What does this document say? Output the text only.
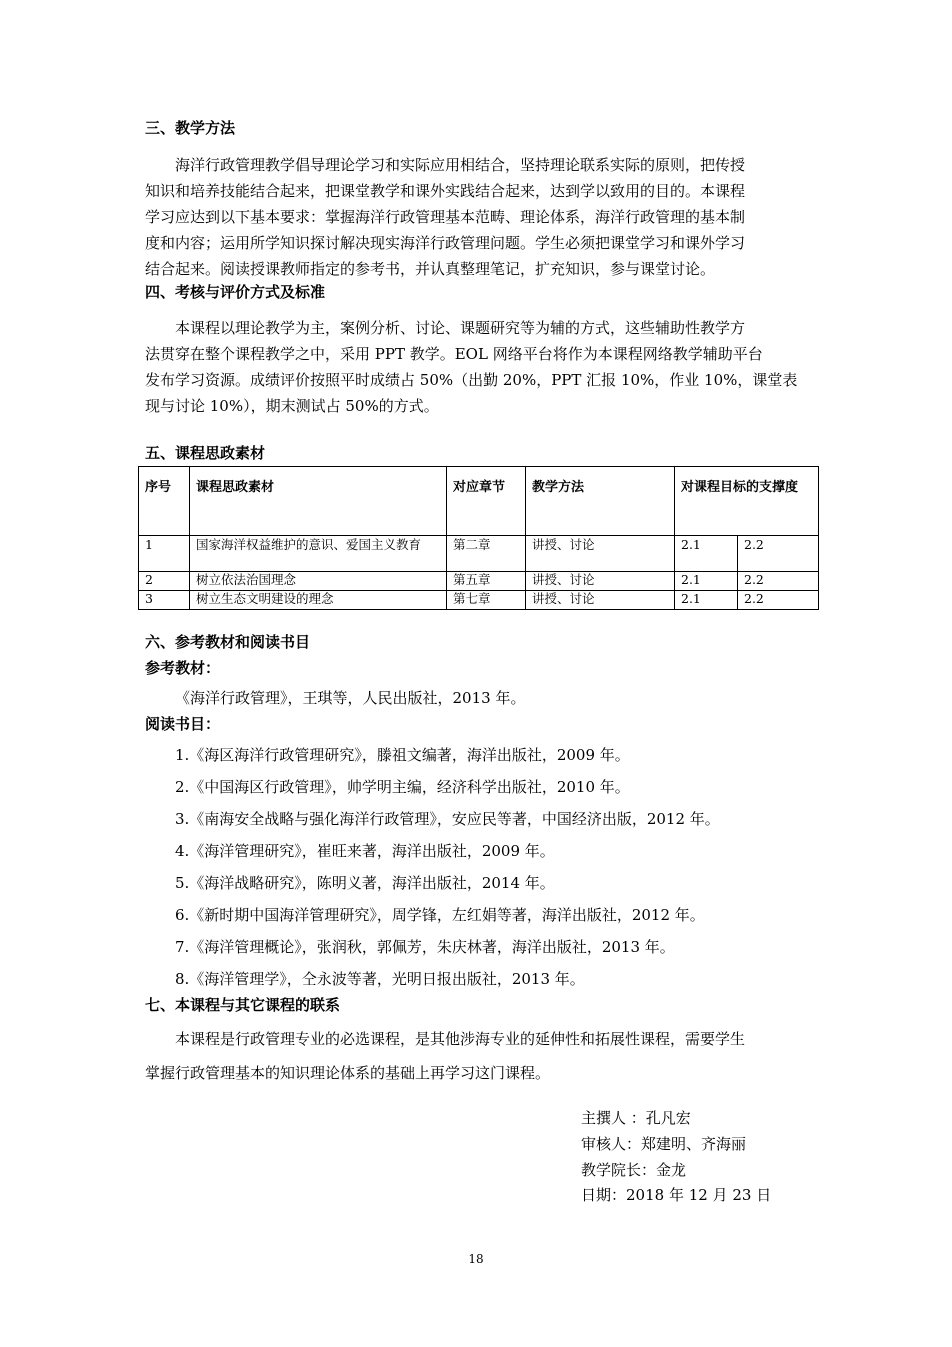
三、教学方法
海洋行政管理教学倡导理论学习和实际应用相结合，坚持理论联系实际的原则，把传授
知识和培养技能结合起来，把课堂教学和课外实践结合起来，达到学以致用的目的。本课程
学习应达到以下基本要求：掌握海洋行政管理基本范畴、理论体系，海洋行政管理的基本制
度和内容；运用所学知识探讨解决现实海洋行政管理问题。学生必须把课堂学习和课外学习
结合起来。阅读授课教师指定的参考书，并认真整理笔记，扩充知识，参与课堂讨论。
四、考核与评价方式及标准
本课程以理论教学为主，案例分析、讨论、课题研究等为辅的方式，这些辅助性教学方
法贯穿在整个课程教学之中，采用 PPT 教学。EOL 网络平台将作为本课程网络教学辅助平台
发布学习资源。成绩评价按照平时成绩占 50%（出勤 20%，PPT 汇报 10%，作业 10%，课堂表
现与讨论 10%），期末测试占 50%的方式。
五、课程思政素材
序号	课程思政素材	对应章节	教学方法	对课程目标的支撑度	
1	国家海洋权益维护的意识、爱国主义教育	第二章	讲授、讨论	2.1	2.2
2	树立依法治国理念	第五章	讲授、讨论	2.1	2.2
3	树立生态文明建设的理念	第七章	讲授、讨论	2.1	2.2
六、参考教材和阅读书目
参考教材：
《海洋行政管理》，王琪等，人民出版社，2013 年。
阅读书目：
1.《海区海洋行政管理研究》，滕祖文编著，海洋出版社，2009 年。
2.《中国海区行政管理》，帅学明主编，经济科学出版社，2010 年。
3.《南海安全战略与强化海洋行政管理》，安应民等著，中国经济出版，2012 年。
4.《海洋管理研究》，崔旺来著，海洋出版社，2009 年。
5.《海洋战略研究》，陈明义著，海洋出版社，2014 年。
6.《新时期中国海洋管理研究》，周学锋，左红娟等著，海洋出版社，2012 年。
7.《海洋管理概论》，张润秋，郭佩芳，朱庆林著，海洋出版社，2013 年。
8.《海洋管理学》，仝永波等著，光明日报出版社，2013 年。
七、本课程与其它课程的联系
本课程是行政管理专业的必选课程，是其他涉海专业的延伸性和拓展性课程，需要学生
掌握行政管理基本的知识理论体系的基础上再学习这门课程。
主撰人 ：孔凡宏
审核人：郑建明、齐海丽
教学院长：金龙
日期：2018 年 12 月 23 日
18
